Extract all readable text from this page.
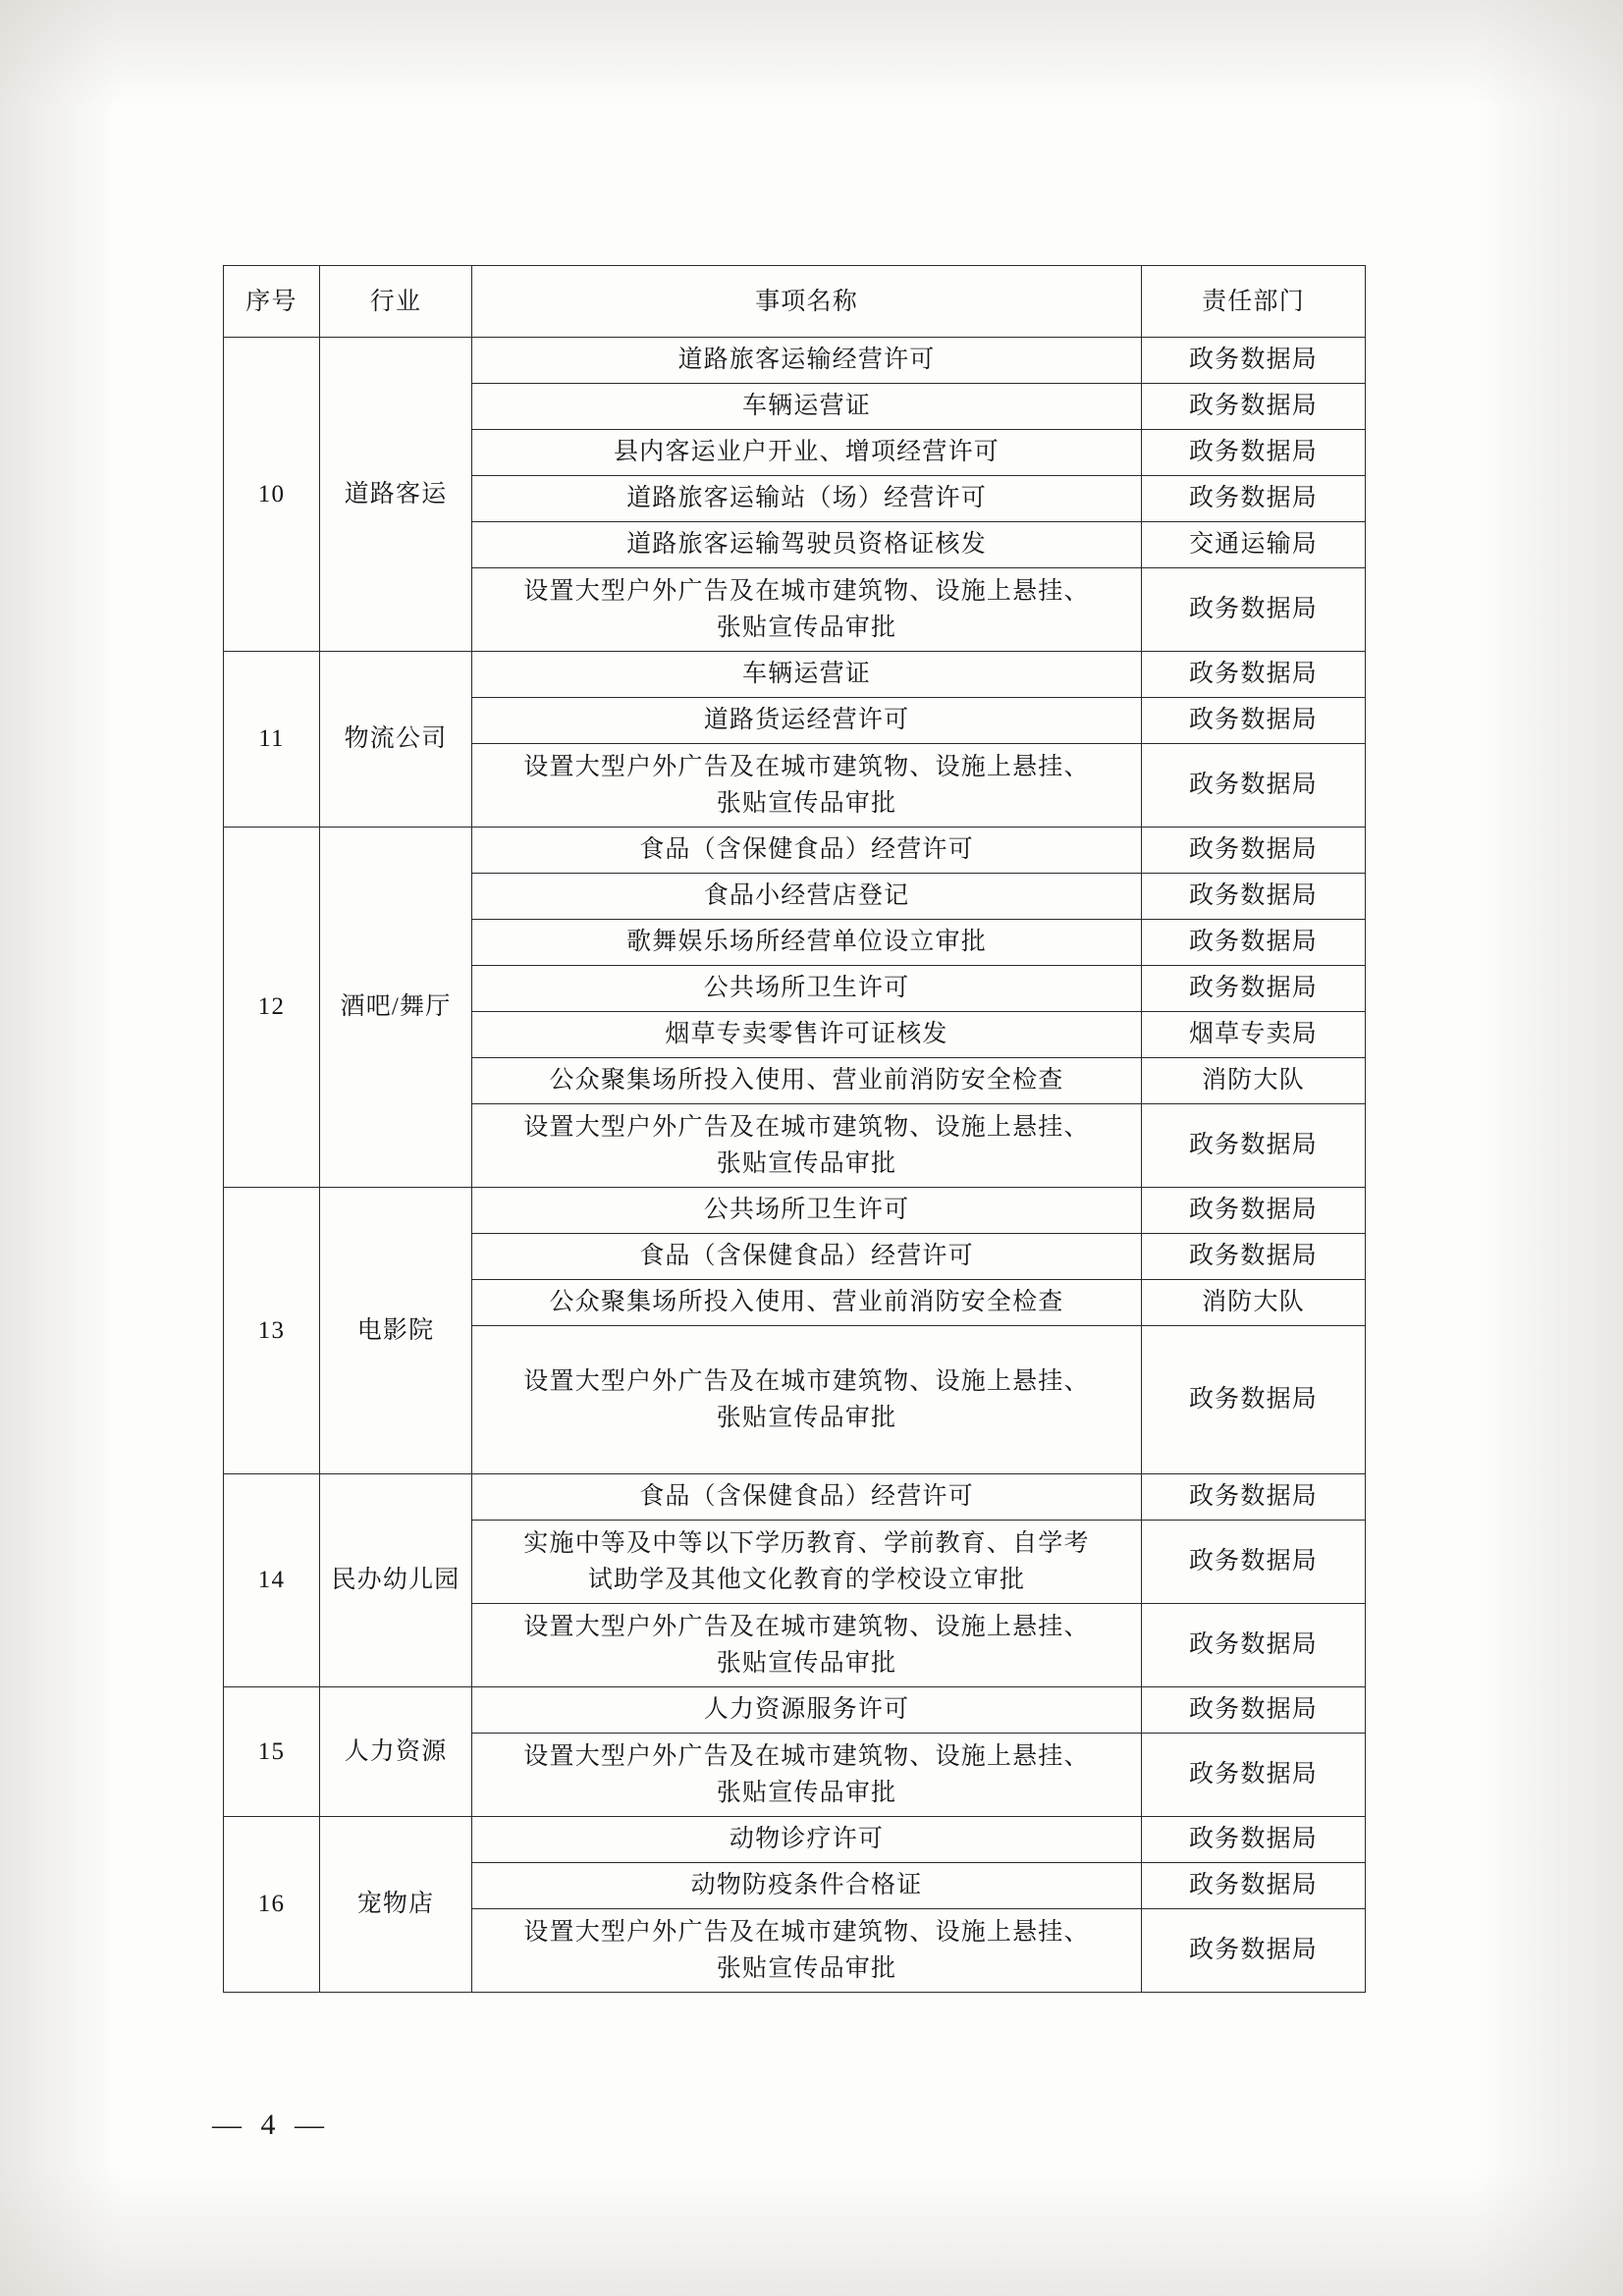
序号	行业	事项名称	责任部门
10	道路客运	道路旅客运输经营许可	政务数据局
		车辆运营证	政务数据局
		县内客运业户开业、增项经营许可	政务数据局
		道路旅客运输站（场）经营许可	政务数据局
		道路旅客运输驾驶员资格证核发	交通运输局

		设置大型户外广告及在城市建筑物、设施上悬挂、
张贴宣传品审批	政务数据局
11	物流公司	车辆运营证	政务数据局
		道路货运经营许可	政务数据局

		设置大型户外广告及在城市建筑物、设施上悬挂、
张贴宣传品审批	政务数据局
12	酒吧/舞厅	食品（含保健食品）经营许可	政务数据局
		食品小经营店登记	政务数据局
		歌舞娱乐场所经营单位设立审批	政务数据局
		公共场所卫生许可	政务数据局
		烟草专卖零售许可证核发	烟草专卖局
		公众聚集场所投入使用、营业前消防安全检查	消防大队

		设置大型户外广告及在城市建筑物、设施上悬挂、
张贴宣传品审批	政务数据局
13	电影院	公共场所卫生许可	政务数据局
		食品（含保健食品）经营许可	政务数据局
		公众聚集场所投入使用、营业前消防安全检查	消防大队

		设置大型户外广告及在城市建筑物、设施上悬挂、
张贴宣传品审批	政务数据局
14	民办幼儿园	食品（含保健食品）经营许可	政务数据局

		实施中等及中等以下学历教育、学前教育、自学考
试助学及其他文化教育的学校设立审批	政务数据局

		设置大型户外广告及在城市建筑物、设施上悬挂、
张贴宣传品审批	政务数据局
15	人力资源	人力资源服务许可	政务数据局

		设置大型户外广告及在城市建筑物、设施上悬挂、
张贴宣传品审批	政务数据局
16	宠物店	动物诊疗许可	政务数据局
		动物防疫条件合格证	政务数据局

		设置大型户外广告及在城市建筑物、设施上悬挂、
张贴宣传品审批	政务数据局
— 4 —
